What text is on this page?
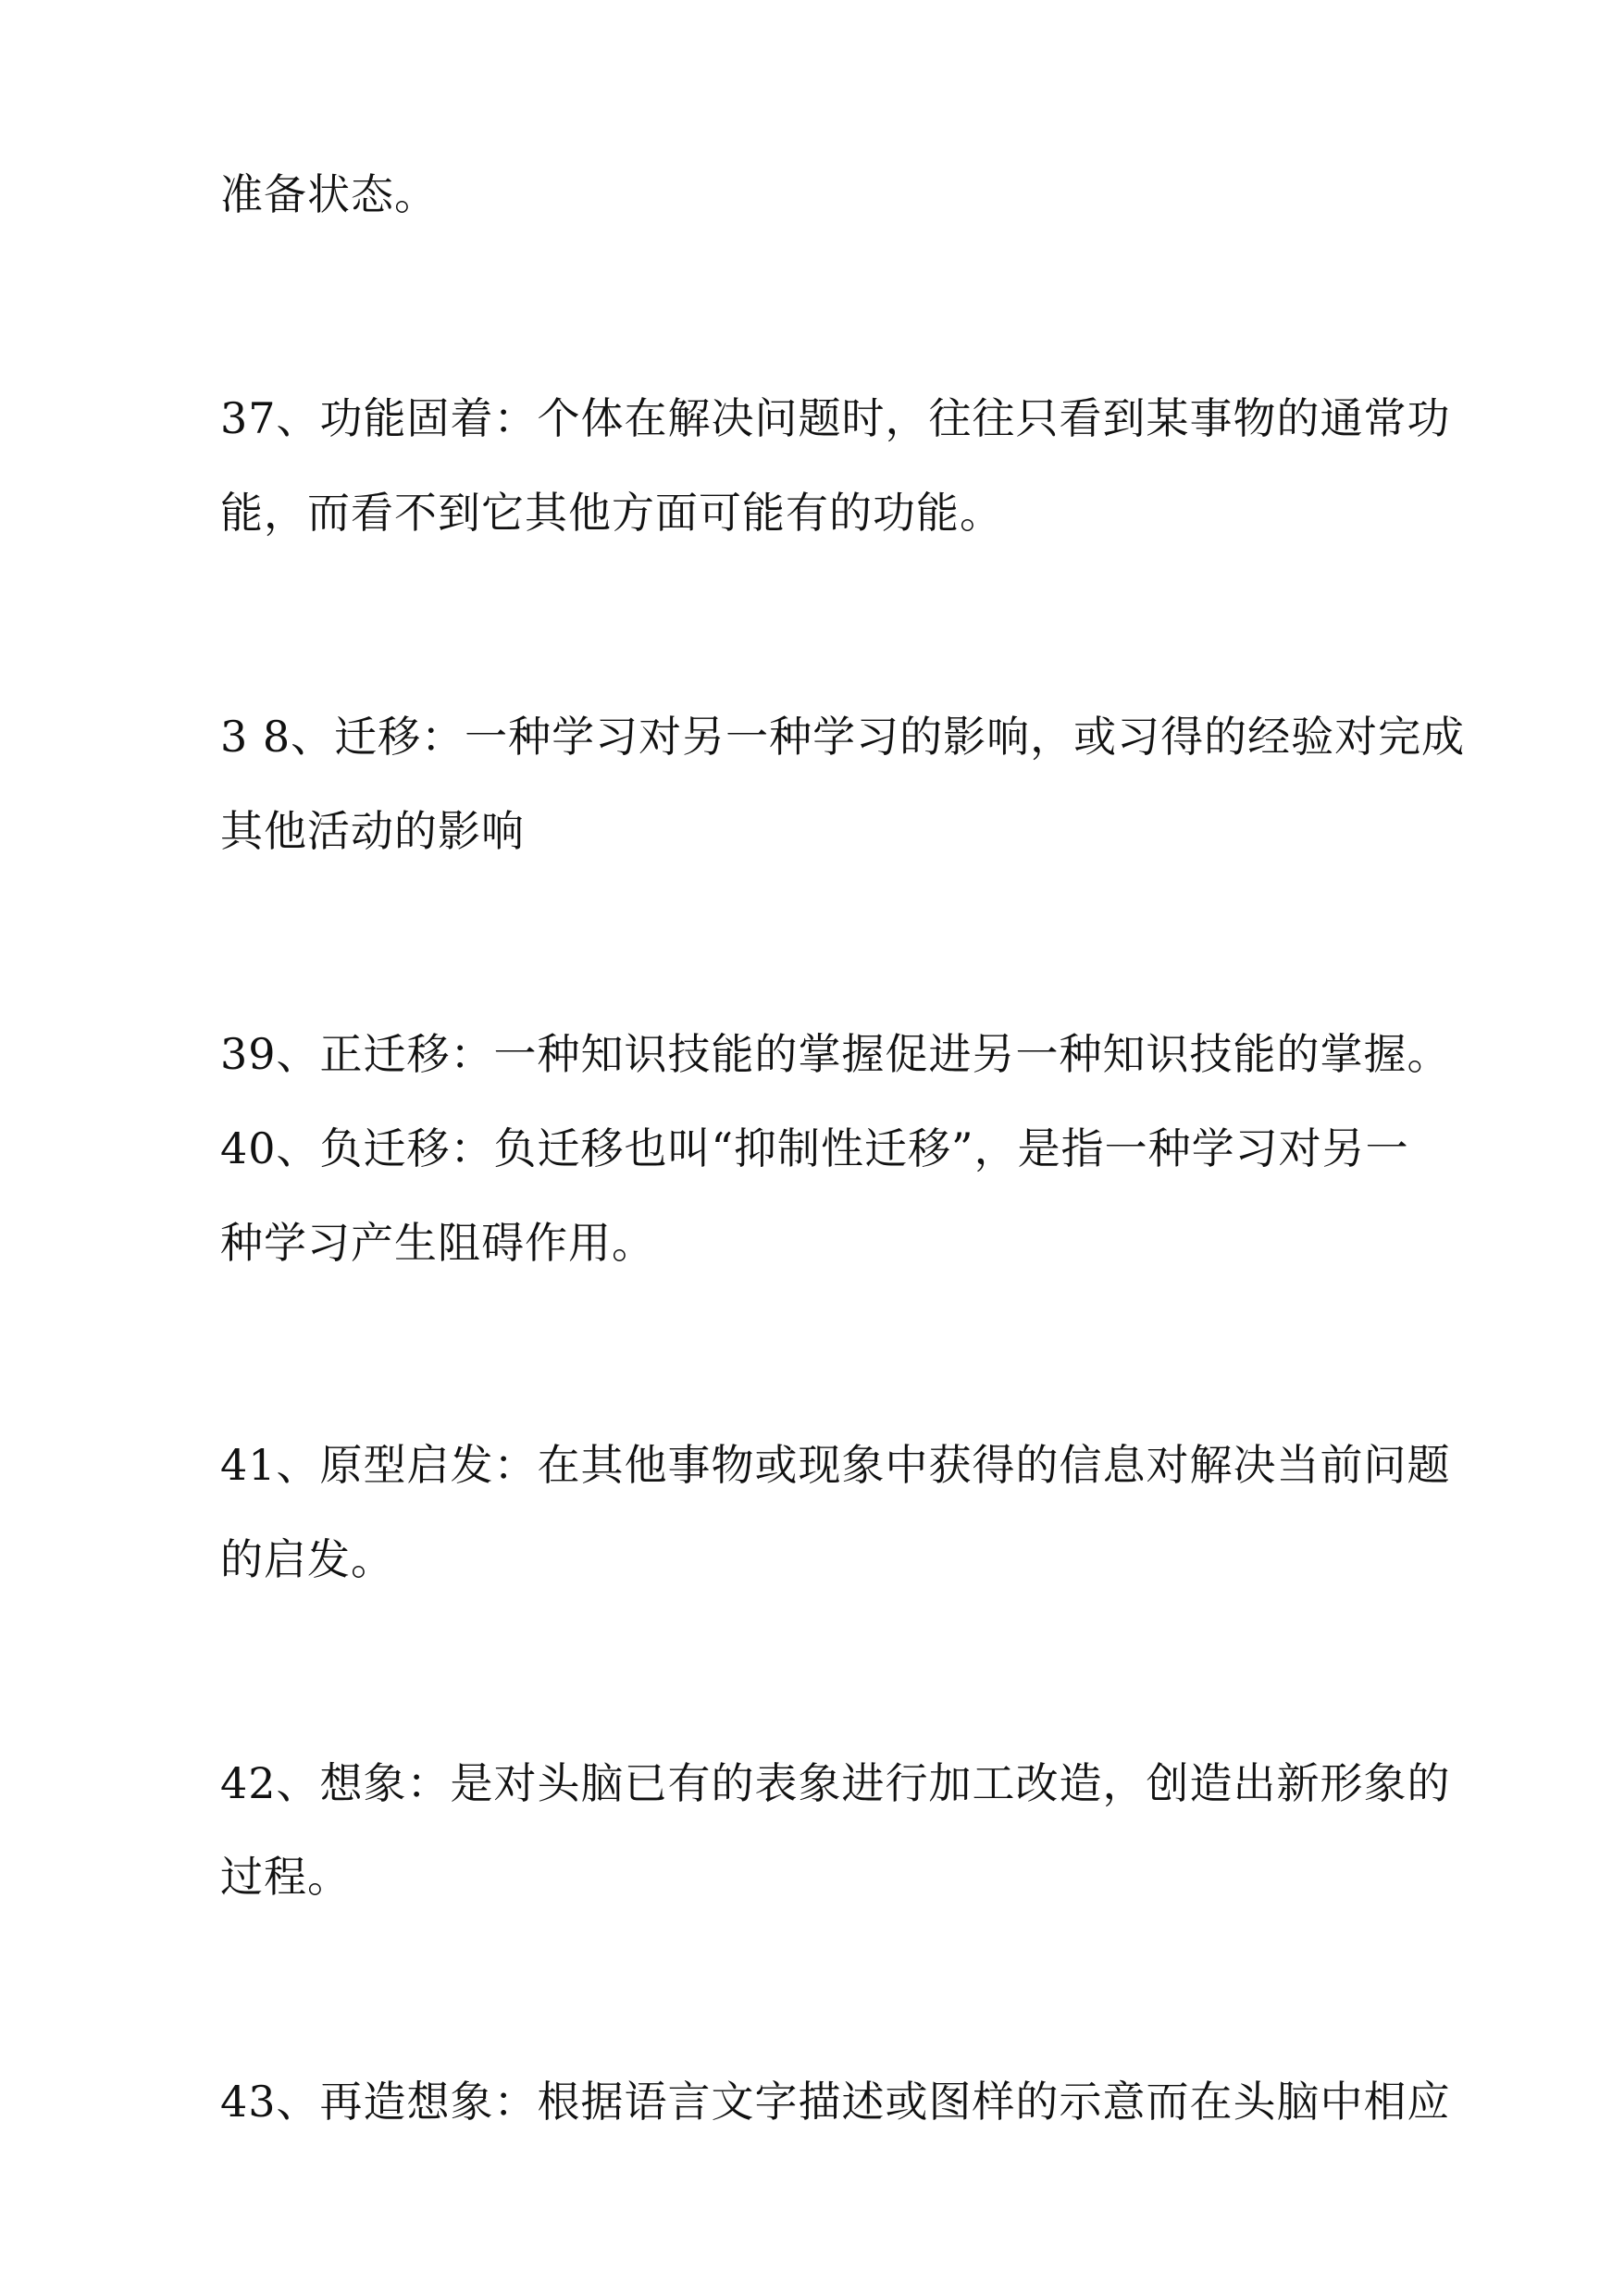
准备状态。
37、功能固着：个体在解决问题时，往往只看到某事物的通常功
能，而看不到它其他方面可能有的功能。
3 8、迁移：一种学习对另一种学习的影响，或习得的经验对完成
其他活动的影响
39、正迁移：一种知识技能的掌握促进另一种知识技能的掌握。
40、负迁移：负迁移也叫“抑制性迁移”，是指一种学习对另一
种学习产生阻碍作用。
41、原型启发：在其他事物或现象中获得的信息对解决当前问题
的启发。
42、想象：是对头脑已有的表象进行加工改造，创造出新形象的
过程。
43、再造想象：根据语言文字描述或图样的示意而在头脑中相应
